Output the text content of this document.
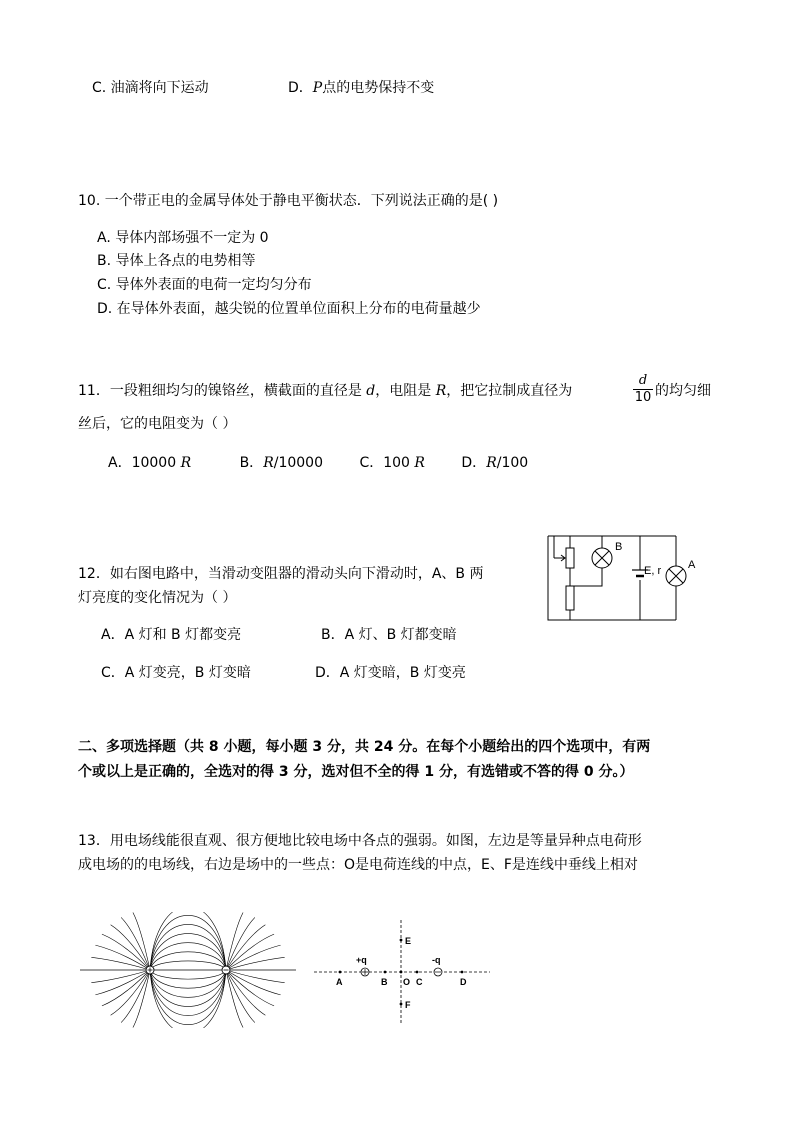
C. 油滴将向下运动	D．P点的电势保持不变
10. 一个带正电的金属导体处于静电平衡状态．下列说法正确的是( )
A. 导体内部场强不一定为 0
B. 导体上各点的电势相等
C. 导体外表面的电荷一定均匀分布
D. 在导体外表面，越尖锐的位置单位面积上分布的电荷量越少
11．一段粗细均匀的镍铬丝，横截面的直径是 d，电阻是 R，把它拉制成直径为
d
10 的均匀细
丝后，它的电阻变为（ ）
A．10000 R	B．R/10000	C．100 R	D．R/100
12．如右图电路中，当滑动变阻器的滑动头向下滑动时，A、B 两
灯亮度的变化情况为（ ）
A．A 灯和 B 灯都变亮	B．A 灯、B 灯都变暗
C．A 灯变亮，B 灯变暗	D．A 灯变暗，B 灯变亮
B
A
E, r
二、多项选择题（共 8 小题，每小题 3 分，共 24 分。在每个小题给出的四个选项中，有两
个或以上是正确的，全选对的得 3 分，选对但不全的得 1 分，有选错或不答的得 0 分。）
13．用电场线能很直观、很方便地比较电场中各点的强弱。如图，左边是等量异种点电荷形
成电场的的电场线，右边是场中的一些点：O是电荷连线的中点，E、F是连线中垂线上相对
+q	-q
A	B O C	D
E
F
